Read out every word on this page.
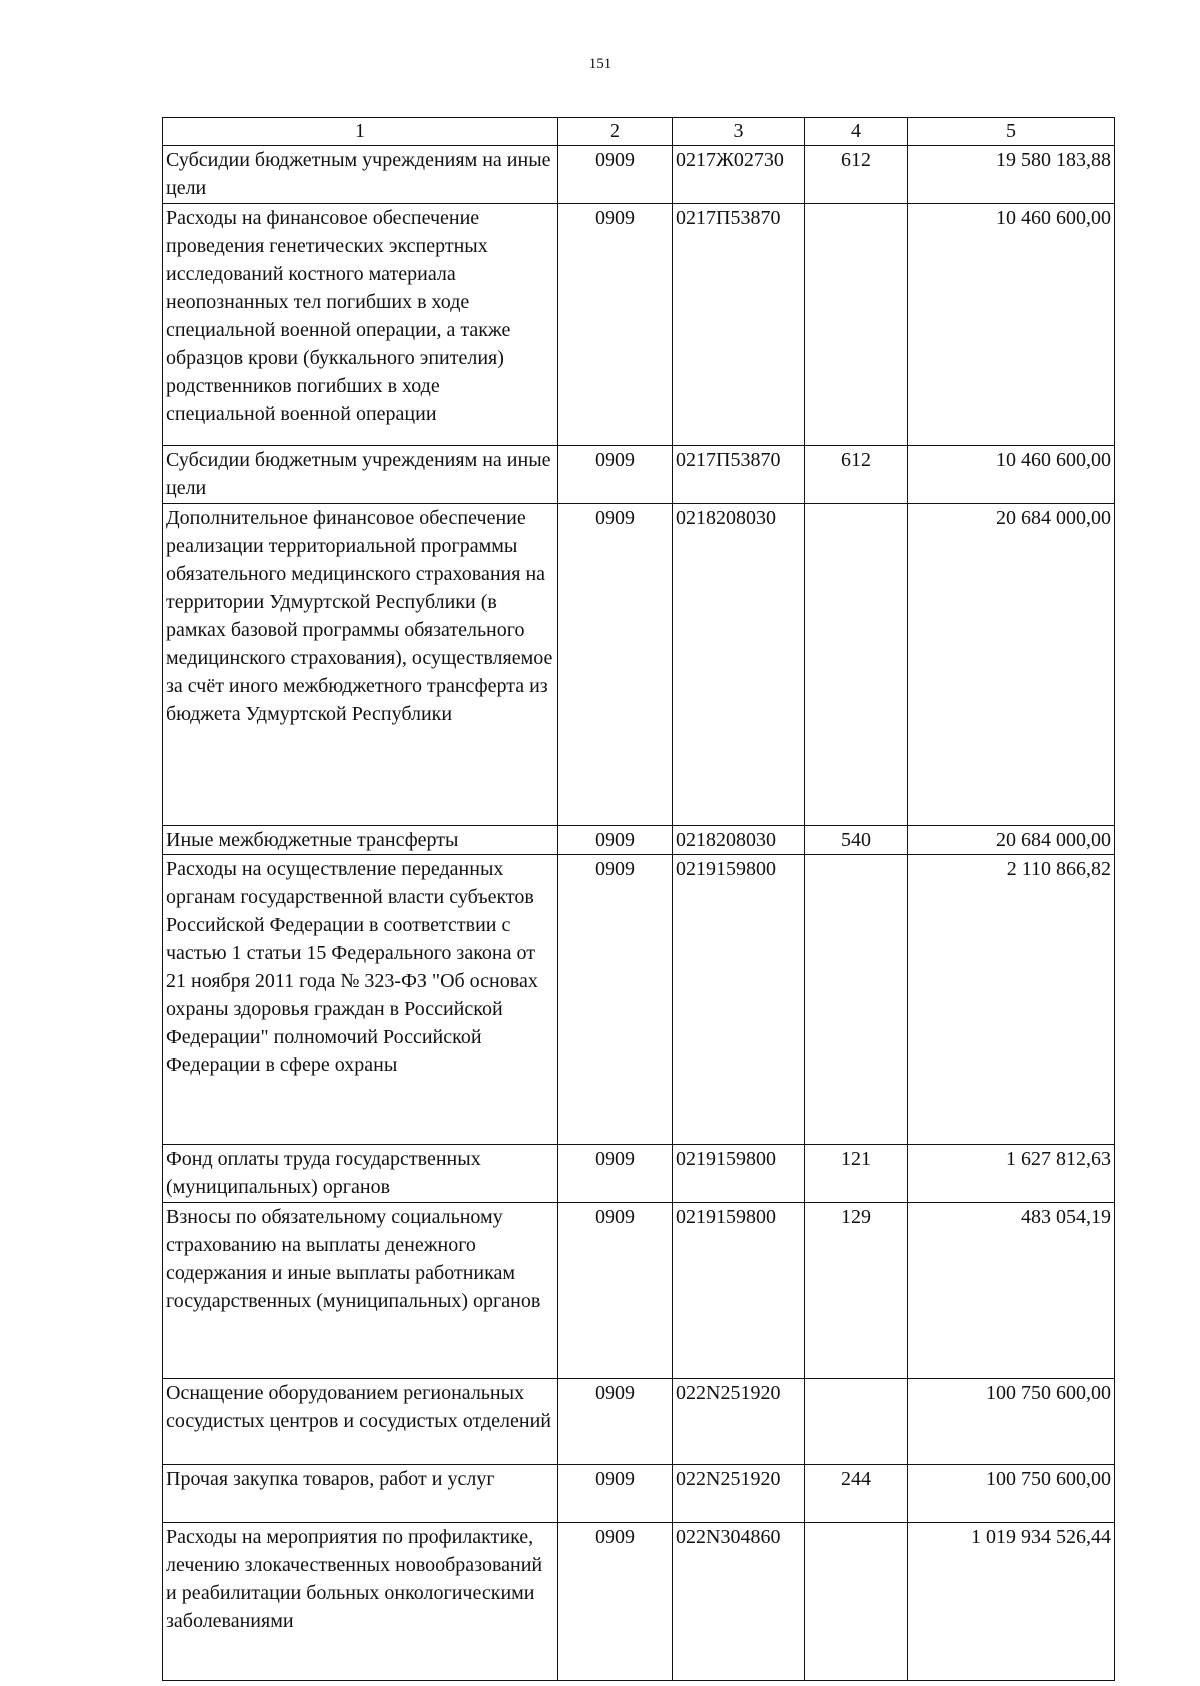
151
1	2	3	4	5
Субсидии бюджетным учреждениям на иные цели	0909	0217Ж02730	612	19 580 183,88
Расходы на финансовое обеспечение проведения генетических экспертных исследований костного материала неопознанных тел погибших в ходе специальной военной операции, а также образцов крови (буккального эпителия) родственников погибших в ходе специальной военной операции	0909	0217П53870		10 460 600,00
Субсидии бюджетным учреждениям на иные цели	0909	0217П53870	612	10 460 600,00
Дополнительное финансовое обеспечение реализации территориальной программы обязательного медицинского страхования на территории Удмуртской Республики (в рамках базовой программы обязательного медицинского страхования), осуществляемое за счёт иного межбюджетного трансферта из бюджета Удмуртской Республики	0909	0218208030		20 684 000,00
Иные межбюджетные трансферты	0909	0218208030	540	20 684 000,00
Расходы на осуществление переданных органам государственной власти субъектов Российской Федерации в соответствии с частью 1 статьи 15 Федерального закона от 21 ноября 2011 года № 323-ФЗ "Об основах охраны здоровья граждан в Российской Федерации" полномочий Российской Федерации в сфере охраны	0909	0219159800		2 110 866,82
Фонд оплаты труда государственных (муниципальных) органов	0909	0219159800	121	1 627 812,63
Взносы по обязательному социальному страхованию на выплаты денежного содержания и иные выплаты работникам государственных (муниципальных) органов	0909	0219159800	129	483 054,19
Оснащение оборудованием региональных сосудистых центров и сосудистых отделений	0909	022N251920		100 750 600,00
Прочая закупка товаров, работ и услуг	0909	022N251920	244	100 750 600,00
Расходы на мероприятия по профилактике, лечению злокачественных новообразований и реабилитации больных онкологическими заболеваниями	0909	022N304860		1 019 934 526,44
